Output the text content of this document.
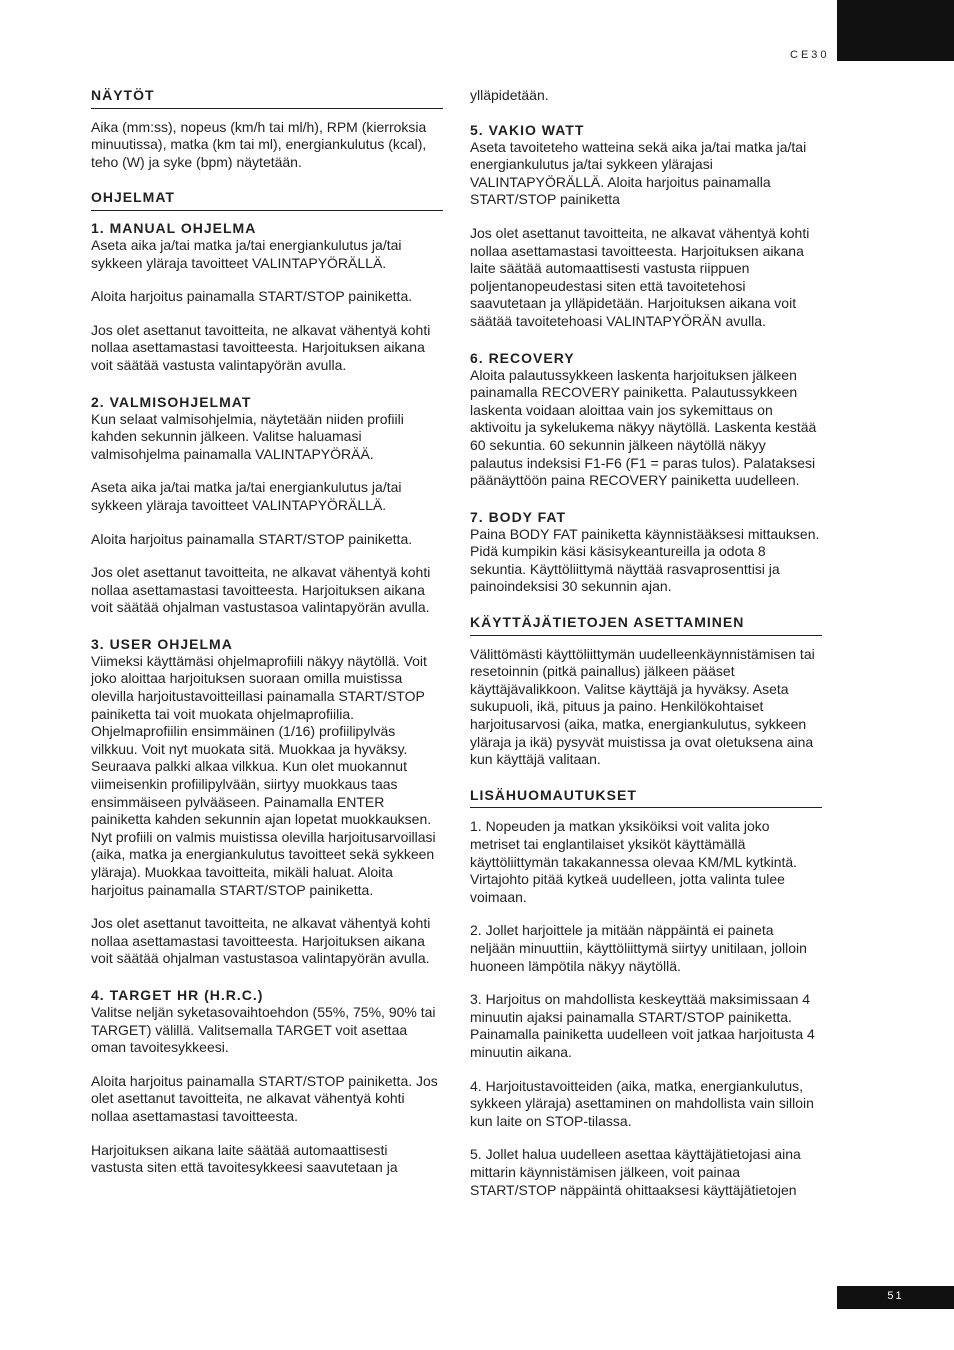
CE30
NÄYTÖT

Aika (mm:ss), nopeus (km/h tai ml/h), RPM (kierroksia minuutissa), matka (km tai ml), energiankulutus (kcal), teho (W) ja syke (bpm) näytetään.

OHJELMAT
1. MANUAL OHJELMA

Aseta aika ja/tai matka ja/tai energiankulutus ja/tai sykkeen yläraja tavoitteet VALINTAPYÖRÄLLÄ.

Aloita harjoitus painamalla START/STOP painiketta.

Jos olet asettanut tavoitteita, ne alkavat vähentyä kohti nollaa asettamastasi tavoitteesta. Harjoituksen aikana voit säätää vastusta valintapyörän avulla.

2. VALMISOHJELMAT

Kun selaat valmisohjelmia, näytetään niiden profiili kahden sekunnin jälkeen. Valitse haluamasi valmisohjelma painamalla VALINTAPYÖRÄÄ.

Aseta aika ja/tai matka ja/tai energiankulutus ja/tai sykkeen yläraja tavoitteet VALINTAPYÖRÄLLÄ.

Aloita harjoitus painamalla START/STOP painiketta.

Jos olet asettanut tavoitteita, ne alkavat vähentyä kohti nollaa asettamastasi tavoitteesta. Harjoituksen aikana voit säätää ohjalman vastustasoa valintapyörän avulla.

3. USER OHJELMA

Viimeksi käyttämäsi ohjelmaprofiili näkyy näytöllä. Voit joko aloittaa harjoituksen suoraan omilla muistissa olevilla harjoitustavoitteillasi painamalla START/STOP painiketta tai voit muokata ohjelmaprofiilia. Ohjelmaprofiilin ensimmäinen (1/16) profiilipylväs vilkkuu. Voit nyt muokata sitä. Muokkaa ja hyväksy. Seuraava palkki alkaa vilkkua. Kun olet muokannut viimeisenkin profiilipylvään, siirtyy muokkaus taas ensimmäiseen pylvääseen. Painamalla ENTER painiketta kahden sekunnin ajan lopetat muokkauksen. Nyt profiili on valmis muistissa olevilla harjoitusarvoillasi (aika, matka ja energiankulutus tavoitteet sekä sykkeen yläraja). Muokkaa tavoitteita, mikäli haluat. Aloita harjoitus painamalla START/STOP painiketta.

Jos olet asettanut tavoitteita, ne alkavat vähentyä kohti nollaa asettamastasi tavoitteesta. Harjoituksen aikana voit säätää ohjalman vastustasoa valintapyörän avulla.

4. TARGET HR (H.R.C.)

Valitse neljän syketasovaihtoehdon (55%, 75%, 90% tai TARGET) välillä. Valitsemalla TARGET voit asettaa oman tavoitesykkeesi.

Aloita harjoitus painamalla START/STOP painiketta. Jos olet asettanut tavoitteita, ne alkavat vähentyä kohti nollaa asettamastasi tavoitteesta.

Harjoituksen aikana laite säätää automaattisesti vastusta siten että tavoitesykkeesi saavutetaan ja

ylläpidetään.

5. VAKIO WATT

Aseta tavoiteteho watteina sekä aika ja/tai matka ja/tai energiankulutus ja/tai sykkeen ylärajasi VALINTAPYÖRÄLLÄ. Aloita harjoitus painamalla START/STOP painiketta

Jos olet asettanut tavoitteita, ne alkavat vähentyä kohti nollaa asettamastasi tavoitteesta. Harjoituksen aikana laite säätää automaattisesti vastusta riippuen poljentanopeudestasi siten että tavoitetehosi saavutetaan ja ylläpidetään. Harjoituksen aikana voit säätää tavoitetehoasi VALINTAPYÖRÄN avulla.

6. RECOVERY

Aloita palautussykkeen laskenta harjoituksen jälkeen painamalla RECOVERY painiketta. Palautussykkeen laskenta voidaan aloittaa vain jos sykemittaus on aktivoitu ja sykelukema näkyy näytöllä. Laskenta kestää 60 sekuntia. 60 sekunnin jälkeen näytöllä näkyy palautus indeksisi F1-F6 (F1 = paras tulos). Palataksesi päänäyttöön paina RECOVERY painiketta uudelleen.

7. BODY FAT

Paina BODY FAT painiketta käynnistääksesi mittauksen. Pidä kumpikin käsi käsisykeantureilla ja odota 8 sekuntia. Käyttöliittymä näyttää rasvaprosenttisi ja painoindeksisi 30 sekunnin ajan.

KÄYTTÄJÄTIETOJEN ASETTAMINEN

Välittömästi käyttöliittymän uudelleenkäynnistämisen tai resetoinnin (pitkä painallus) jälkeen pääset käyttäjävalikkoon. Valitse käyttäjä ja hyväksy. Aseta sukupuoli, ikä, pituus ja paino. Henkilökohtaiset harjoitusarvosi (aika, matka, energiankulutus, sykkeen yläraja ja ikä) pysyvät muistissa ja ovat oletuksena aina kun käyttäjä valitaan.

LISÄHUOMAUTUKSET

1. Nopeuden ja matkan yksiköiksi voit valita joko metriset tai englantilaiset yksiköt käyttämällä käyttöliittymän takakannessa olevaa KM/ML kytkintä. Virtajohto pitää kytkeä uudelleen, jotta valinta tulee voimaan.

2. Jollet harjoittele ja mitään näppäintä ei paineta neljään minuuttiin, käyttöliittymä siirtyy unitilaan, jolloin huoneen lämpötila näkyy näytöllä.

3. Harjoitus on mahdollista keskeyttää maksimissaan 4 minuutin ajaksi painamalla START/STOP painiketta. Painamalla painiketta uudelleen voit jatkaa harjoitusta 4 minuutin aikana.

4. Harjoitustavoitteiden (aika, matka, energiankulutus, sykkeen yläraja) asettaminen on mahdollista vain silloin kun laite on STOP-tilassa.

5. Jollet halua uudelleen asettaa käyttäjätietojasi aina mittarin käynnistämisen jälkeen, voit painaa START/STOP näppäintä ohittaaksesi käyttäjätietojen

51
